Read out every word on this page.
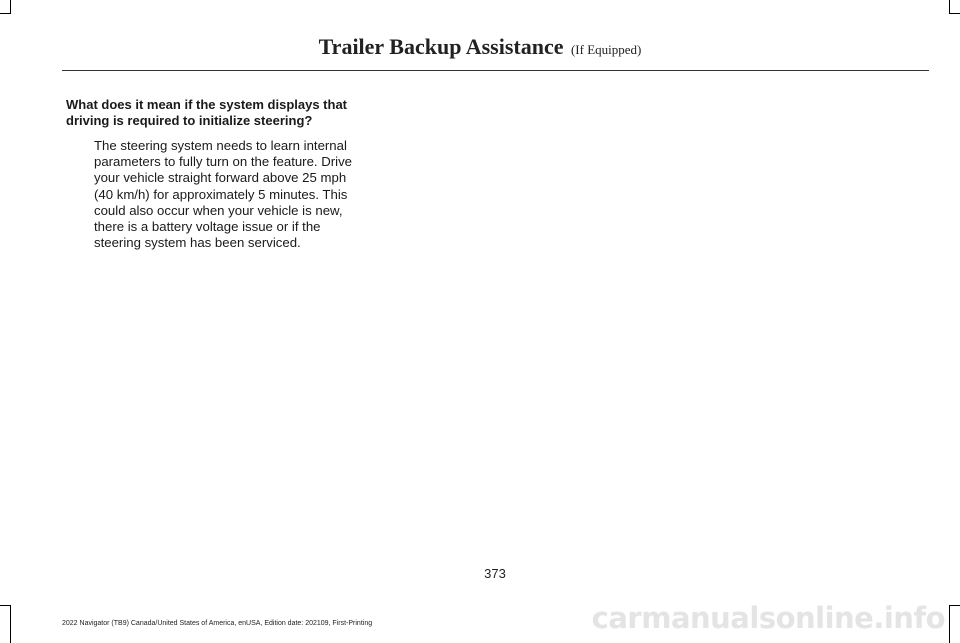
Trailer Backup Assistance (If Equipped)
What does it mean if the system displays that driving is required to initialize steering?
The steering system needs to learn internal parameters to fully turn on the feature. Drive your vehicle straight forward above 25 mph (40 km/h) for approximately 5 minutes. This could also occur when your vehicle is new, there is a battery voltage issue or if the steering system has been serviced.
373
2022 Navigator (TB9) Canada/United States of America, enUSA, Edition date: 202109, First-Printing	carmanualsonline.info
